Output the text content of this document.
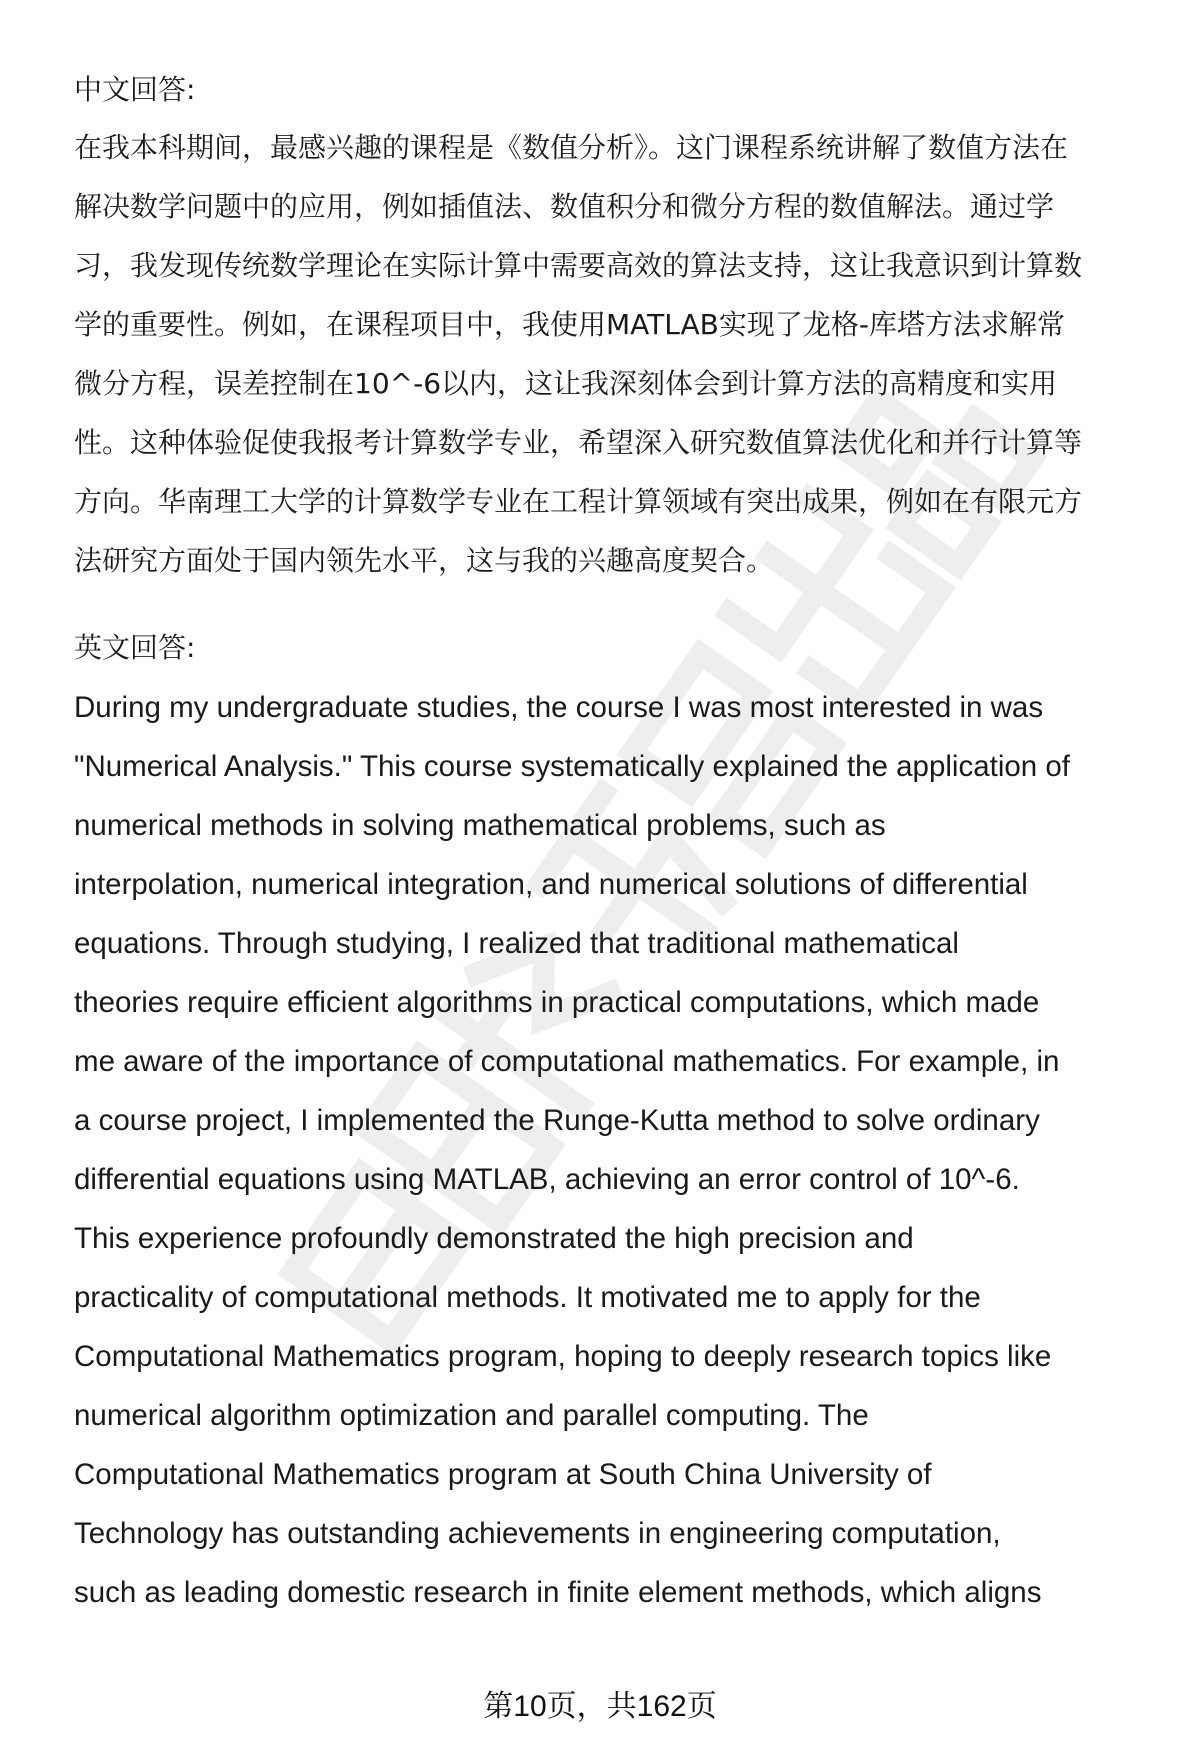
中文回答:
在我本科期间，最感兴趣的课程是《数值分析》。这门课程系统讲解了数值方法在
解决数学问题中的应用，例如插值法、数值积分和微分方程的数值解法。通过学
习，我发现传统数学理论在实际计算中需要高效的算法支持，这让我意识到计算数
学的重要性。例如，在课程项目中，我使用MATLAB实现了龙格-库塔方法求解常
微分方程，误差控制在10^-6以内，这让我深刻体会到计算方法的高精度和实用
性。这种体验促使我报考计算数学专业，希望深入研究数值算法优化和并行计算等
方向。华南理工大学的计算数学专业在工程计算领域有突出成果，例如在有限元方
法研究方面处于国内领先水平，这与我的兴趣高度契合。
英文回答:
During my undergraduate studies, the course I was most interested in was
"Numerical Analysis." This course systematically explained the application of
numerical methods in solving mathematical problems, such as
interpolation, numerical integration, and numerical solutions of differential
equations. Through studying, I realized that traditional mathematical
theories require efficient algorithms in practical computations, which made
me aware of the importance of computational mathematics. For example, in
a course project, I implemented the Runge-Kutta method to solve ordinary
differential equations using MATLAB, achieving an error control of 10^-6.
This experience profoundly demonstrated the high precision and
practicality of computational methods. It motivated me to apply for the
Computational Mathematics program, hoping to deeply research topics like
numerical algorithm optimization and parallel computing. The
Computational Mathematics program at South China University of
Technology has outstanding achievements in engineering computation,
such as leading domestic research in finite element methods, which aligns
第10页，共162页
